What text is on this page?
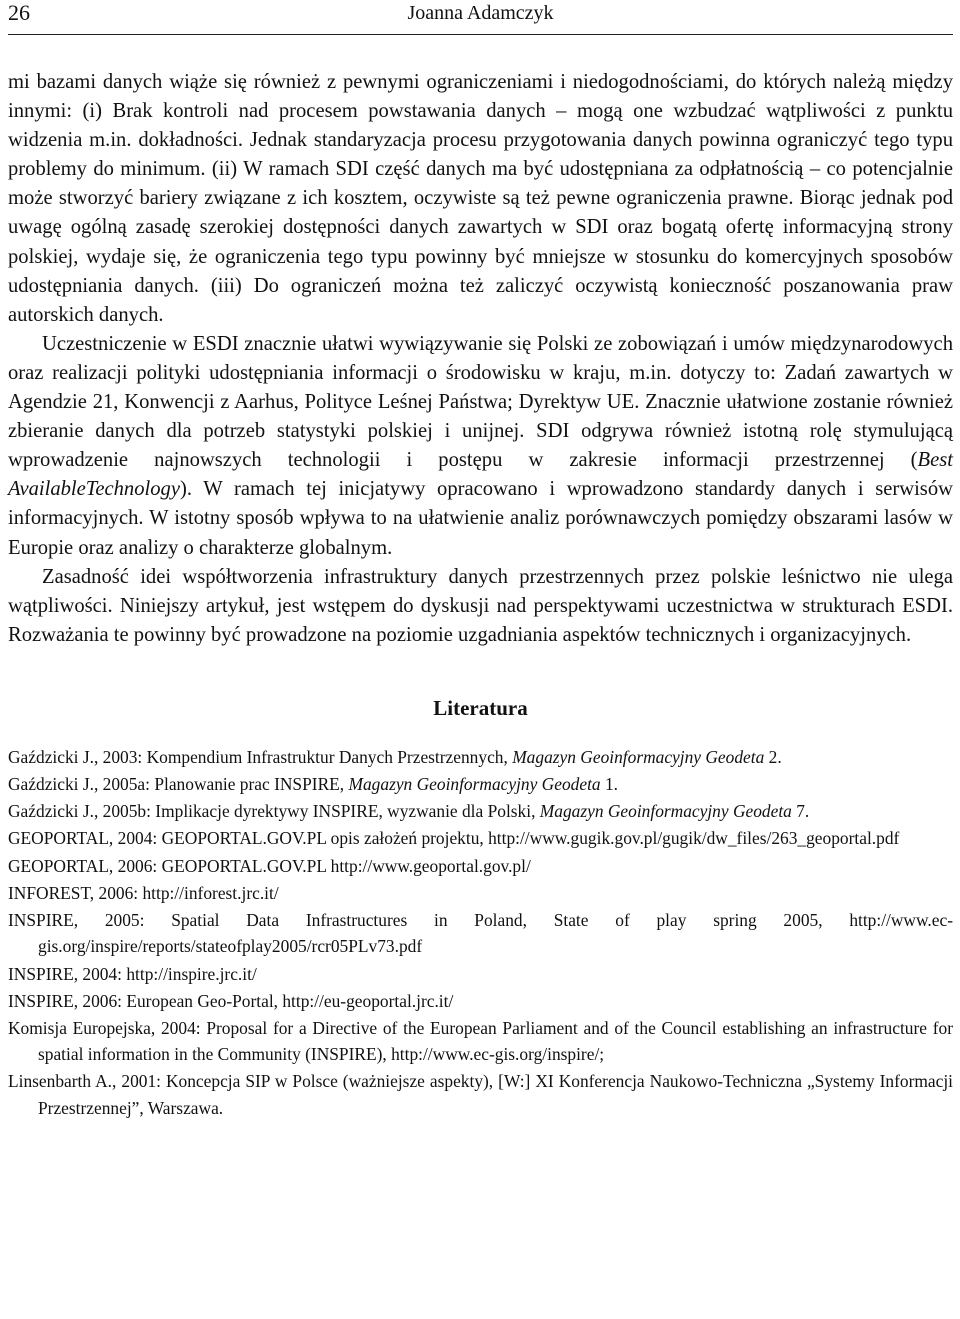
26	Joanna Adamczyk

mi bazami danych wiąże się również z pewnymi ograniczeniami i niedogodnościami, do których należą między innymi: (i) Brak kontroli nad procesem powstawania danych – mogą one wzbudzać wątpliwości z punktu widzenia m.in. dokładności. Jednak standaryzacja procesu przygotowania danych powinna ograniczyć tego typu problemy do minimum. (ii) W ramach SDI część danych ma być udostępniana za odpłatnością – co potencjalnie może stworzyć bariery związane z ich kosztem, oczywiste są też pewne ograniczenia prawne. Biorąc jednak pod uwagę ogólną zasadę szerokiej dostępności danych zawartych w SDI oraz bogatą ofertę informacyjną strony polskiej, wydaje się, że ograniczenia tego typu powinny być mniejsze w stosunku do komercyjnych sposobów udostępniania danych. (iii) Do ograniczeń można też zaliczyć oczywistą konieczność poszanowania praw autorskich danych.

Uczestniczenie w ESDI znacznie ułatwi wywiązywanie się Polski ze zobowiązań i umów międzynarodowych oraz realizacji polityki udostępniania informacji o środowisku w kraju, m.in. dotyczy to: Zadań zawartych w Agendzie 21, Konwencji z Aarhus, Polityce Leśnej Państwa; Dyrektyw UE. Znacznie ułatwione zostanie również zbieranie danych dla potrzeb statystyki polskiej i unijnej. SDI odgrywa również istotną rolę stymulującą wprowadzenie najnowszych technologii i postępu w zakresie informacji przestrzennej (Best AvailableTechnology). W ramach tej inicjatywy opracowano i wprowadzono standardy danych i serwisów informacyjnych. W istotny sposób wpływa to na ułatwienie analiz porównawczych pomiędzy obszarami lasów w Europie oraz analizy o charakterze globalnym.

Zasadność idei współtworzenia infrastruktury danych przestrzennych przez polskie leśnictwo nie ulega wątpliwości. Niniejszy artykuł, jest wstępem do dyskusji nad perspektywami uczestnictwa w strukturach ESDI. Rozważania te powinny być prowadzone na poziomie uzgadniania aspektów technicznych i organizacyjnych.

Literatura

Gaździcki J., 2003: Kompendium Infrastruktur Danych Przestrzennych, Magazyn Geoinformacyjny Geodeta 2.

Gaździcki J., 2005a: Planowanie prac INSPIRE, Magazyn Geoinformacyjny Geodeta 1.

Gaździcki J., 2005b: Implikacje dyrektywy INSPIRE, wyzwanie dla Polski, Magazyn Geoinformacyjny Geodeta 7.

GEOPORTAL, 2004: GEOPORTAL.GOV.PL opis założeń projektu, http://www.gugik.gov.pl/gugik/dw_files/263_geoportal.pdf

GEOPORTAL, 2006: GEOPORTAL.GOV.PL http://www.geoportal.gov.pl/

INFOREST, 2006: http://inforest.jrc.it/

INSPIRE, 2005: Spatial Data Infrastructures in Poland, State of play spring 2005, http://www.ec-gis.org/inspire/reports/stateofplay2005/rcr05PLv73.pdf

INSPIRE, 2004: http://inspire.jrc.it/

INSPIRE, 2006: European Geo-Portal, http://eu-geoportal.jrc.it/

Komisja Europejska, 2004: Proposal for a Directive of the European Parliament and of the Council establishing an infrastructure for spatial information in the Community (INSPIRE), http://www.ec-gis.org/inspire/;

Linsenbarth A., 2001: Koncepcja SIP w Polsce (ważniejsze aspekty), [W:] XI Konferencja Naukowo-Techniczna „Systemy Informacji Przestrzennej”, Warszawa.
